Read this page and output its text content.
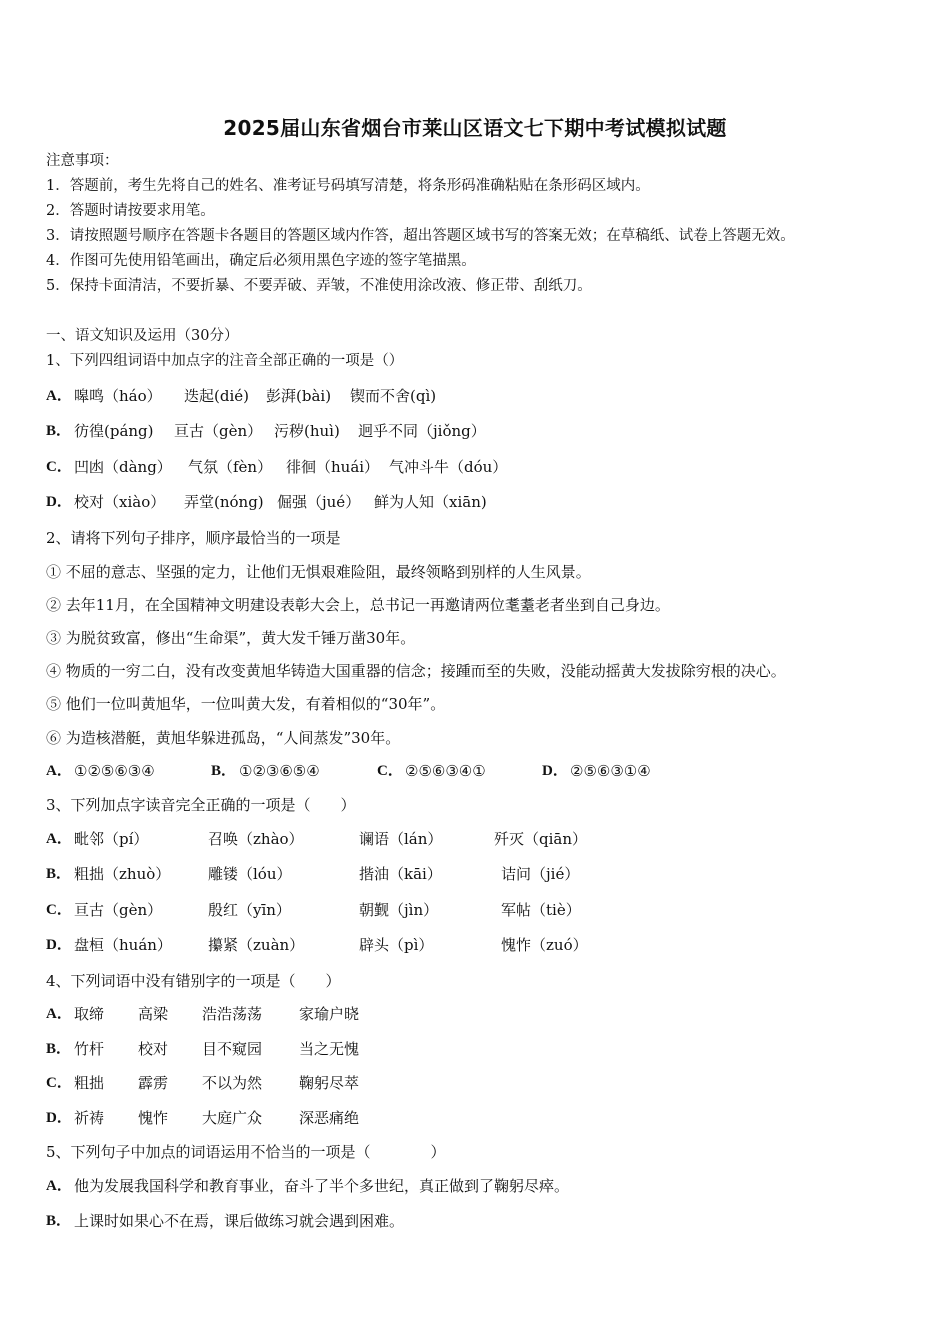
2025届山东省烟台市莱山区语文七下期中考试模拟试题
注意事项：
1．答题前，考生先将自己的姓名、准考证号码填写清楚，将条形码准确粘贴在条形码区域内。
2．答题时请按要求用笔。
3．请按照题号顺序在答题卡各题目的答题区域内作答，超出答题区域书写的答案无效；在草稿纸、试卷上答题无效。
4．作图可先使用铅笔画出，确定后必须用黑色字迹的签字笔描黑。
5．保持卡面清洁，不要折暴、不要弄破、弄皱，不准使用涂改液、修正带、刮纸刀。
一、语文知识及运用（30分）
1、下列四组词语中加点字的注音全部正确的一项是（）
A． 嗥鸣（háo） 迭起(dié) 彭湃(bài) 锲而不舍(qì)
B． 彷徨(páng) 亘古（gèn） 污秽(huì) 迥乎不同（jiǒng）
C． 凹凼（dàng） 气氛（fèn） 徘徊（huái） 气冲斗牛（dóu）
D． 校对（xiào） 弄堂(nóng) 倔强（jué） 鲜为人知（xiān)
2、请将下列句子排序，顺序最恰当的一项是
① 不屈的意志、坚强的定力，让他们无惧艰难险阻，最终领略到别样的人生风景。
② 去年11月，在全国精神文明建设表彰大会上，总书记一再邀请两位耄耋老者坐到自己身边。
③ 为脱贫致富，修出“生命渠”，黄大发千锤万凿30年。
④ 物质的一穷二白，没有改变黄旭华铸造大国重器的信念；接踵而至的失败，没能动摇黄大发拔除穷根的决心。
⑤ 他们一位叫黄旭华，一位叫黄大发，有着相似的“30年”。
⑥ 为造核潜艇，黄旭华躲进孤岛，“人间蒸发”30年。
A． ①②⑤⑥③④	B． ①②③⑥⑤④	C． ②⑤⑥③④①	D． ②⑤⑥③①④
3、下列加点字读音完全正确的一项是（　　）
A． 毗邻（pí）	召唤（zhào）	谰语（lán）	歼灭（qiān）
B． 粗拙（zhuò）	雕镂（lóu）	揩油（kāi）	诘问（jié）
C． 亘古（gèn）	殷红（yīn）	朝觐（jìn）	军帖（tiè）
D． 盘桓（huán） 攥紧（zuàn）	辟头（pì）	愧怍（zuó）
4、下列词语中没有错别字的一项是（　　）
A． 取缔 高梁 浩浩荡荡 家瑜户晓
B． 竹杆 校对 目不窥园 当之无愧
C． 粗拙 霹雳 不以为然 鞠躬尽萃
D． 祈祷 愧怍 大庭广众 深恶痛绝
5、下列句子中加点的词语运用不恰当的一项是（　　　　）
A． 他为发展我国科学和教育事业，奋斗了半个多世纪，真正做到了鞠躬尽瘁。
B． 上课时如果心不在焉，课后做练习就会遇到困难。
